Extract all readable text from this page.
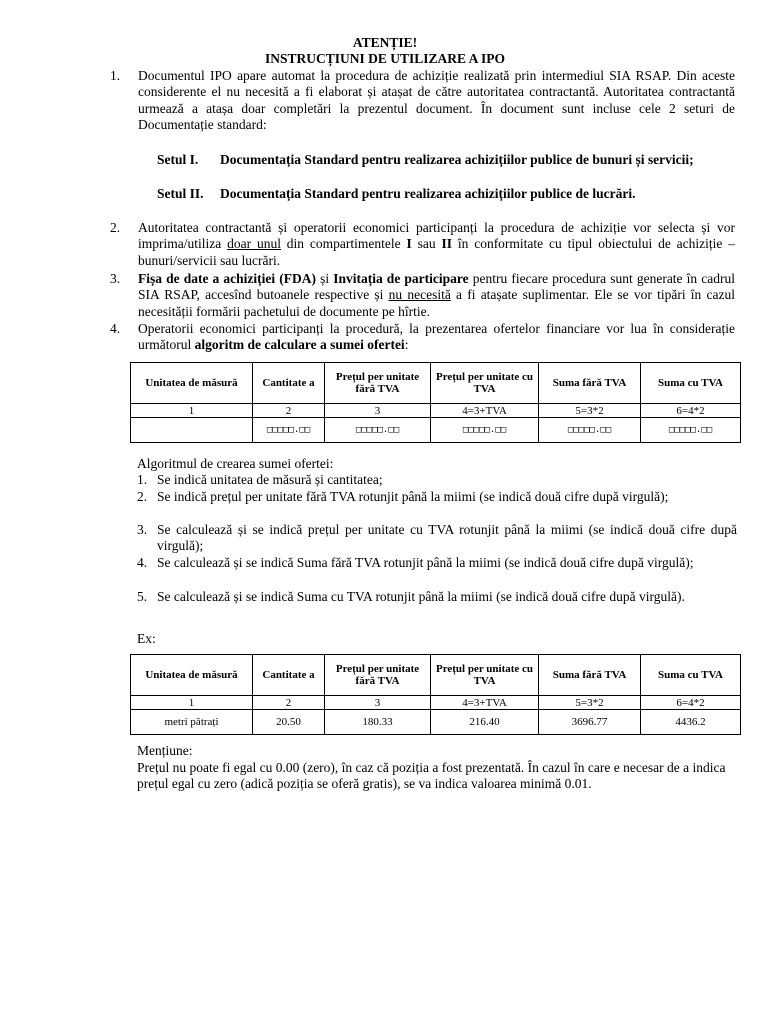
ATENȚIE!
INSTRUCȚIUNI DE UTILIZARE A IPO
1. Documentul IPO apare automat la procedura de achiziție realizată prin intermediul SIA RSAP. Din aceste considerente el nu necesită a fi elaborat și atașat de către autoritatea contractantă. Autoritatea contractantă urmează a atașa doar completări la prezentul document. În document sunt incluse cele 2 seturi de Documentație standard:
Setul I. Documentația Standard pentru realizarea achizițiilor publice de bunuri și servicii;
Setul II. Documentația Standard pentru realizarea achizițiilor publice de lucrări.
2. Autoritatea contractantă și operatorii economici participanți la procedura de achiziție vor selecta și vor imprima/utiliza doar unul din compartimentele I sau II în conformitate cu tipul obiectului de achiziție – bunuri/servicii sau lucrări.
3. Fișa de date a achiziției (FDA) și Invitația de participare pentru fiecare procedura sunt generate în cadrul SIA RSAP, accesînd butoanele respective și nu necesită a fi atașate suplimentar. Ele se vor tipări în cazul necesității formării pachetului de documente pe hîrtie.
4. Operatorii economici participanți la procedură, la prezentarea ofertelor financiare vor lua în considerație următorul algoritm de calculare a sumei ofertei:
Unitatea de măsură	Cantitate a	Prețul per unitate fără TVA	Prețul per unitate cu TVA	Suma fără TVA	Suma cu TVA
1	2	3	4=3+TVA	5=3*2	6=4*2
	□□□□□.□□	□□□□□.□□	□□□□□.□□	□□□□□.□□	□□□□□.□□
Algoritmul de crearea sumei ofertei:
1. Se indică unitatea de măsură și cantitatea;
2. Se indică prețul per unitate fără TVA rotunjit până la miimi (se indică două cifre după virgulă);
3. Se calculează și se indică prețul per unitate cu TVA rotunjit până la miimi (se indică două cifre după virgulă);
4. Se calculează și se indică Suma fără TVA rotunjit până la miimi (se indică două cifre după virgulă);
5. Se calculează și se indică Suma cu TVA rotunjit până la miimi (se indică două cifre după virgulă).
Ex:
Unitatea de măsură	Cantitate a	Prețul per unitate fără TVA	Prețul per unitate cu TVA	Suma fără TVA	Suma cu TVA
1	2	3	4=3+TVA	5=3*2	6=4*2
metri pătrați	20.50	180.33	216.40	3696.77	4436.2
Mențiune:
Prețul nu poate fi egal cu 0.00 (zero), în caz că poziția a fost prezentată. În cazul în care e necesar de a indica prețul egal cu zero (adică poziția se oferă gratis), se va indica valoarea minimă 0.01.
